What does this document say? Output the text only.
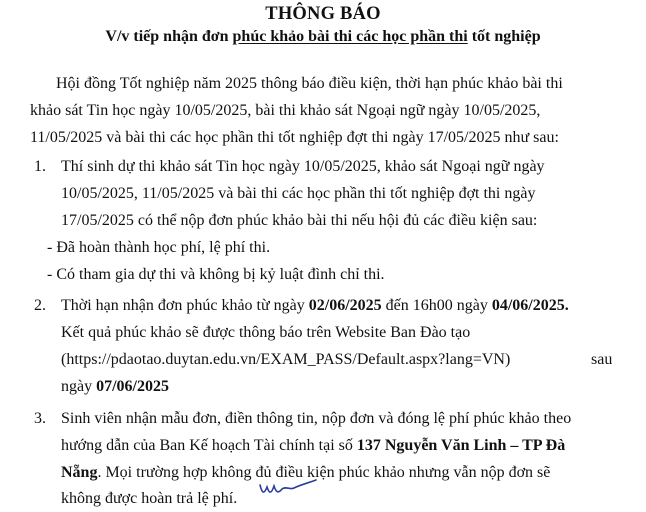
THÔNG BÁO
V/v tiếp nhận đơn phúc khảo bài thi các học phần thi tốt nghiệp
Hội đồng Tốt nghiệp năm 2025 thông báo điều kiện, thời hạn phúc khảo bài thi
khảo sát Tin học ngày 10/05/2025, bài thi khảo sát Ngoại ngữ ngày 10/05/2025,
11/05/2025 và bài thi các học phần thi tốt nghiệp đợt thi ngày 17/05/2025 như sau:
1. Thí sinh dự thi khảo sát Tin học ngày 10/05/2025, khảo sát Ngoại ngữ ngày
10/05/2025, 11/05/2025 và bài thi các học phần thi tốt nghiệp đợt thi ngày
17/05/2025 có thể nộp đơn phúc khảo bài thi nếu hội đủ các điều kiện sau:
- Đã hoàn thành học phí, lệ phí thi.
- Có tham gia dự thi và không bị kỷ luật đình chỉ thi.
2. Thời hạn nhận đơn phúc khảo từ ngày 02/06/2025 đến 16h00 ngày 04/06/2025.
Kết quả phúc khảo sẽ được thông báo trên Website Ban Đào tạo
(https://pdaotao.duytan.edu.vn/EXAM_PASS/Default.aspx?lang=VN)	sau
ngày 07/06/2025
3. Sinh viên nhận mẫu đơn, điền thông tin, nộp đơn và đóng lệ phí phúc khảo theo
hướng dẫn của Ban Kế hoạch Tài chính tại số 137 Nguyễn Văn Linh – TP Đà
Nẵng. Mọi trường hợp không đủ điều kiện phúc khảo nhưng vẫn nộp đơn sẽ
không được hoàn trả lệ phí.
